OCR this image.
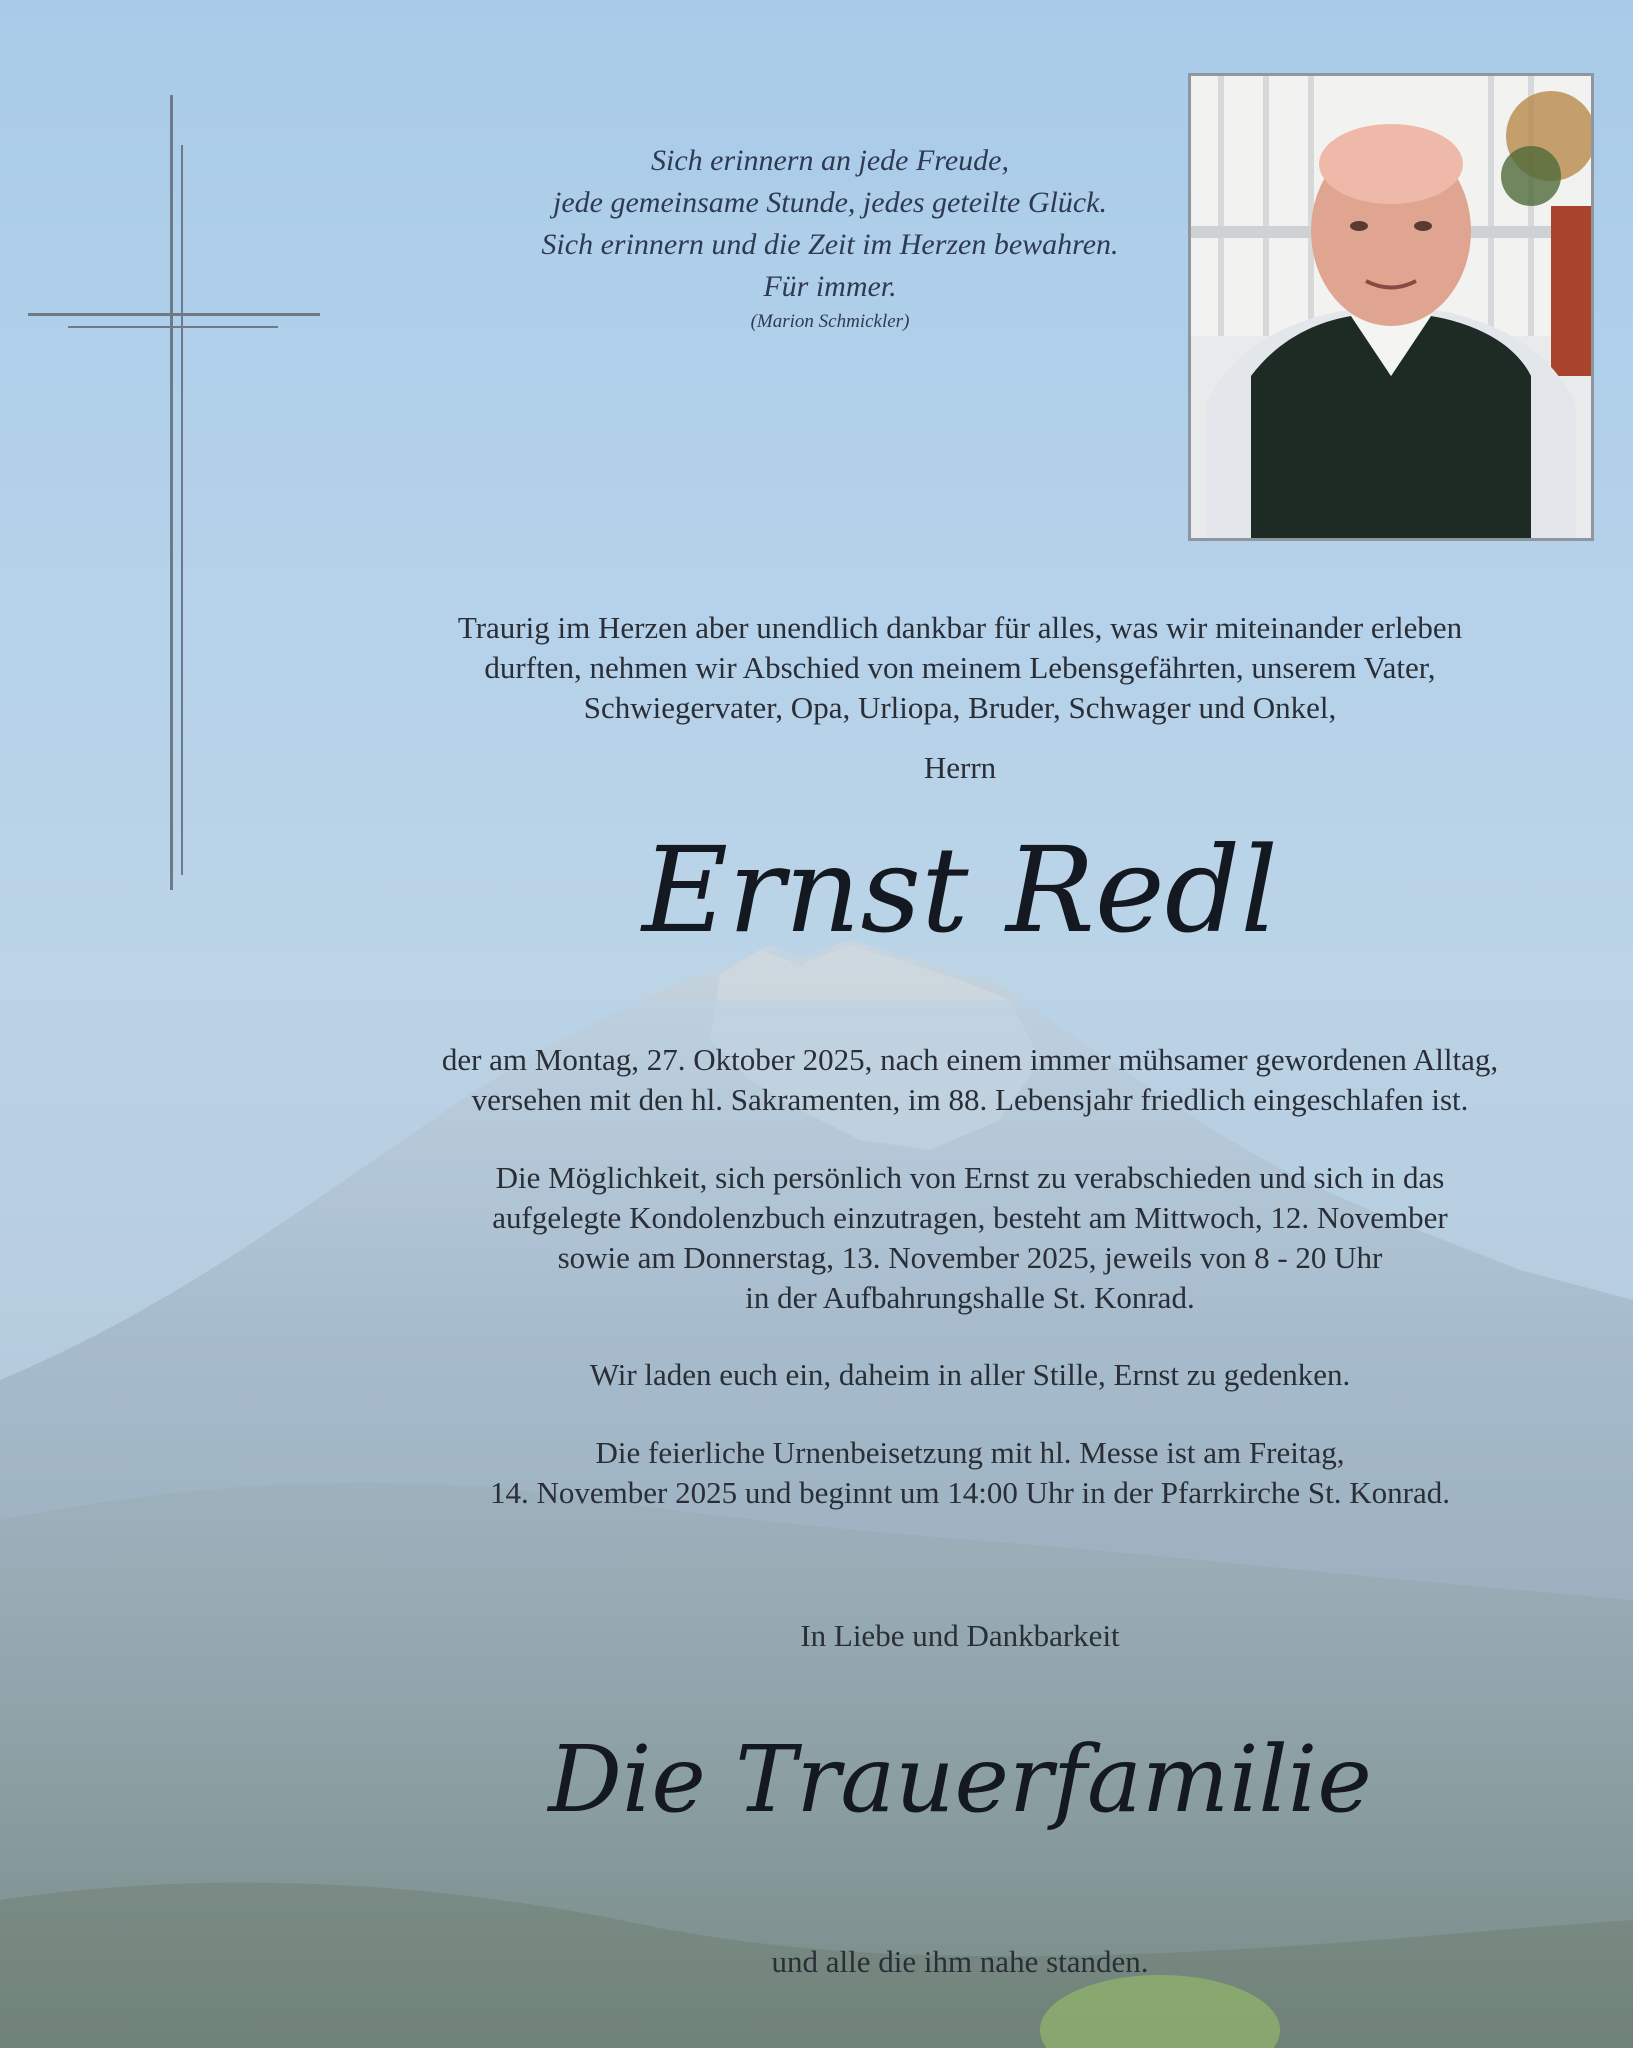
Sich erinnern an jede Freude,
jede gemeinsame Stunde, jedes geteilte Glück.
Sich erinnern und die Zeit im Herzen bewahren.
Für immer.
(Marion Schmickler)
Traurig im Herzen aber unendlich dankbar für alles, was wir miteinander erleben
durften, nehmen wir Abschied von meinem Lebensgefährten, unserem Vater,
Schwiegervater, Opa, Urliopa, Bruder, Schwager und Onkel,
Herrn
Ernst Redl
der am Montag, 27. Oktober 2025, nach einem immer mühsamer gewordenen Alltag,
versehen mit den hl. Sakramenten, im 88. Lebensjahr friedlich eingeschlafen ist.
Die Möglichkeit, sich persönlich von Ernst zu verabschieden und sich in das
aufgelegte Kondolenzbuch einzutragen, besteht am Mittwoch, 12. November
sowie am Donnerstag, 13. November 2025, jeweils von 8 - 20 Uhr
in der Aufbahrungshalle St. Konrad.
Wir laden euch ein, daheim in aller Stille, Ernst zu gedenken.
Die feierliche Urnenbeisetzung mit hl. Messe ist am Freitag,
14. November 2025 und beginnt um 14:00 Uhr in der Pfarrkirche St. Konrad.
In Liebe und Dankbarkeit
Die Trauerfamilie
und alle die ihm nahe standen.
